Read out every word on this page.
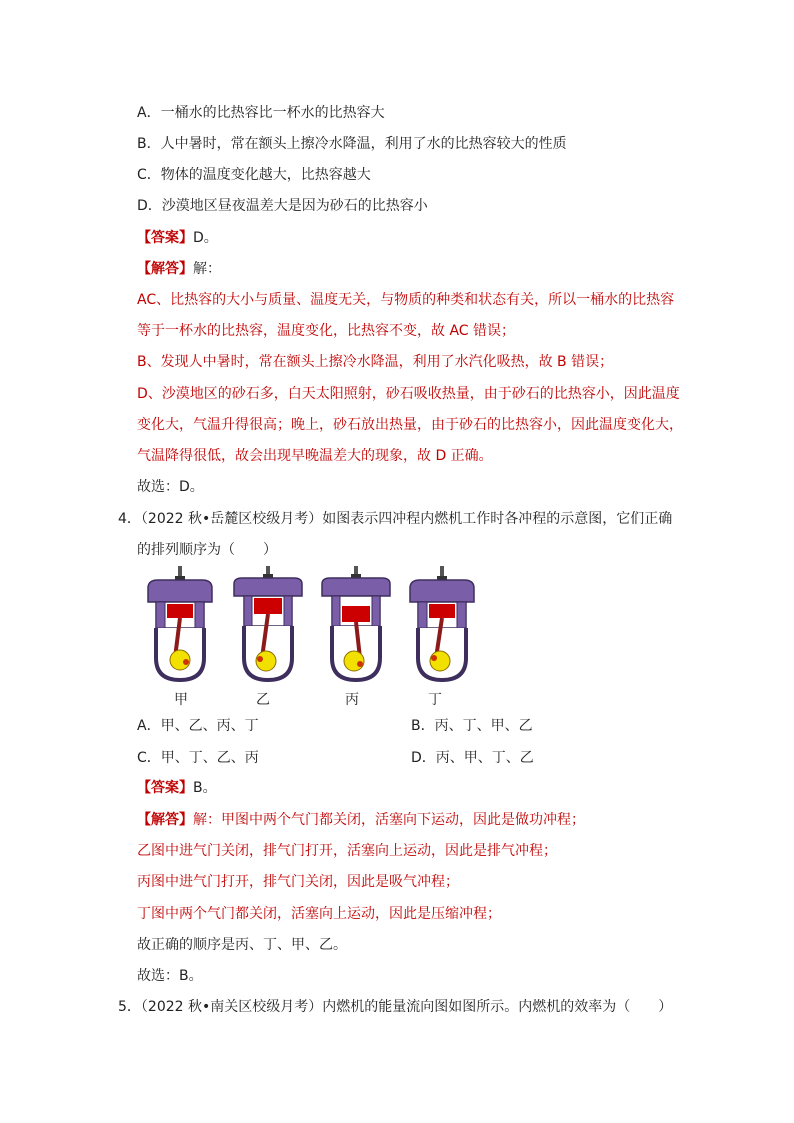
A．一桶水的比热容比一杯水的比热容大
B．人中暑时，常在额头上擦冷水降温，利用了水的比热容较大的性质
C．物体的温度变化越大，比热容越大
D．沙漠地区昼夜温差大是因为砂石的比热容小
【答案】D。
【解答】解：
AC、比热容的大小与质量、温度无关，与物质的种类和状态有关，所以一桶水的比热容
等于一杯水的比热容，温度变化，比热容不变，故 AC 错误；
B、发现人中暑时，常在额头上擦冷水降温，利用了水汽化吸热，故 B 错误；
D、沙漠地区的砂石多，白天太阳照射，砂石吸收热量，由于砂石的比热容小，因此温度
变化大，气温升得很高；晚上，砂石放出热量，由于砂石的比热容小，因此温度变化大，
气温降得很低，故会出现早晚温差大的现象，故 D 正确。
故选：D。
4．（2022 秋•岳麓区校级月考）如图表示四冲程内燃机工作时各冲程的示意图，它们正确
的排列顺序为（　　）
甲	乙	丙	丁
A．甲、乙、丙、丁	B．丙、丁、甲、乙
C．甲、丁、乙、丙	D．丙、甲、丁、乙
【答案】B。
【解答】解：甲图中两个气门都关闭，活塞向下运动，因此是做功冲程；
乙图中进气门关闭，排气门打开，活塞向上运动，因此是排气冲程；
丙图中进气门打开，排气门关闭，因此是吸气冲程；
丁图中两个气门都关闭，活塞向上运动，因此是压缩冲程；
故正确的顺序是丙、丁、甲、乙。
故选：B。
5．（2022 秋•南关区校级月考）内燃机的能量流向图如图所示。内燃机的效率为（　　）
